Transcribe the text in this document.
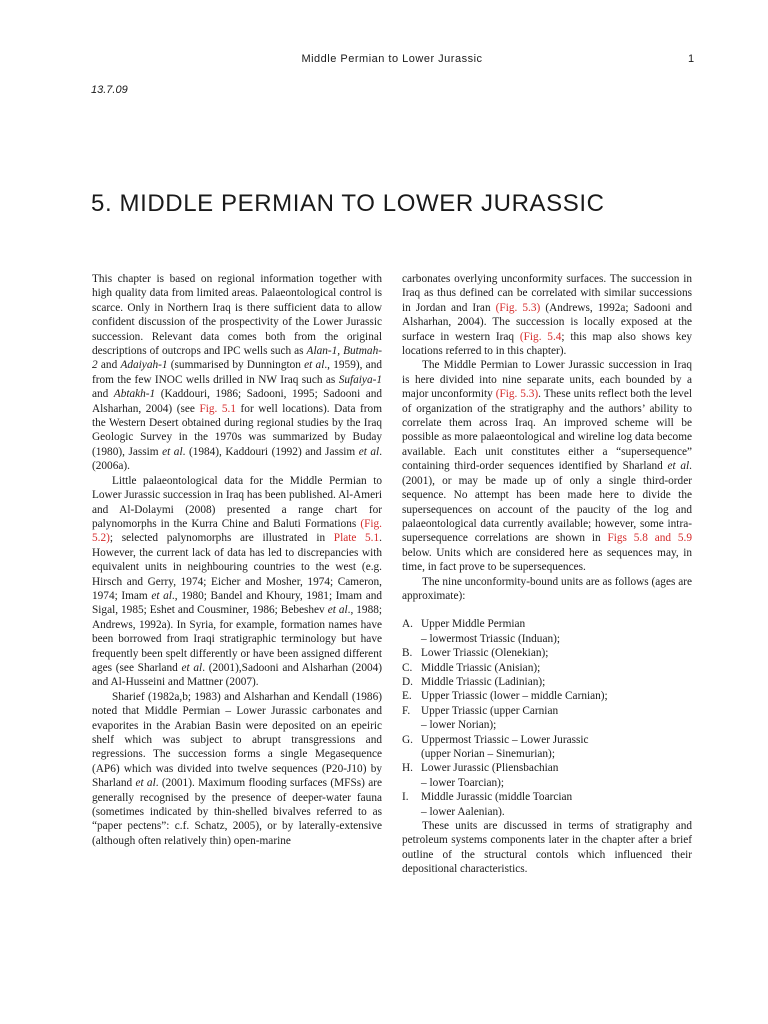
Middle Permian to Lower Jurassic	1
13.7.09
5. MIDDLE PERMIAN TO LOWER JURASSIC

This chapter is based on regional information together with high quality data from limited areas. Palaeontological control is scarce. Only in Northern Iraq is there sufficient data to allow confident discussion of the prospectivity of the Lower Jurassic succession. Relevant data comes both from the original descriptions of outcrops and IPC wells such as Alan-1, Butmah-2 and Adaiyah-1 (summarised by Dunnington et al., 1959), and from the few INOC wells drilled in NW Iraq such as Sufaiya-1 and Abtakh-1 (Kaddouri, 1986; Sadooni, 1995; Sadooni and Alsharhan, 2004) (see Fig. 5.1 for well locations). Data from the Western Desert obtained during regional studies by the Iraq Geologic Survey in the 1970s was summarized by Buday (1980), Jassim et al. (1984), Kaddouri (1992) and Jassim et al. (2006a).

Little palaeontological data for the Middle Permian to Lower Jurassic succession in Iraq has been published. Al-Ameri and Al-Dolaymi (2008) presented a range chart for palynomorphs in the Kurra Chine and Baluti Formations (Fig. 5.2); selected palynomorphs are illustrated in Plate 5.1. However, the current lack of data has led to discrepancies with equivalent units in neighbouring countries to the west (e.g. Hirsch and Gerry, 1974; Eicher and Mosher, 1974; Cameron, 1974; Imam et al., 1980; Bandel and Khoury, 1981; Imam and Sigal, 1985; Eshet and Cousminer, 1986; Bebeshev et al., 1988; Andrews, 1992a). In Syria, for example, formation names have been borrowed from Iraqi stratigraphic terminology but have frequently been spelt differently or have been assigned different ages (see Sharland et al. (2001),Sadooni and Alsharhan (2004) and Al-Husseini and Mattner (2007).

Sharief (1982a,b; 1983) and Alsharhan and Kendall (1986) noted that Middle Permian – Lower Jurassic carbonates and evaporites in the Arabian Basin were deposited on an epeiric shelf which was subject to abrupt transgressions and regressions. The succession forms a single Megasequence (AP6) which was divided into twelve sequences (P20-J10) by Sharland et al. (2001). Maximum flooding surfaces (MFSs) are generally recognised by the presence of deeper-water fauna (sometimes indicated by thin-shelled bivalves referred to as “paper pectens”: c.f. Schatz, 2005), or by laterally-extensive (although often relatively thin) open-marine

carbonates overlying unconformity surfaces. The succession in Iraq as thus defined can be correlated with similar successions in Jordan and Iran (Fig. 5.3) (Andrews, 1992a; Sadooni and Alsharhan, 2004). The succession is locally exposed at the surface in western Iraq (Fig. 5.4; this map also shows key locations referred to in this chapter).

The Middle Permian to Lower Jurassic succession in Iraq is here divided into nine separate units, each bounded by a major unconformity (Fig. 5.3). These units reflect both the level of organization of the stratigraphy and the authors’ ability to correlate them across Iraq. An improved scheme will be possible as more palaeontological and wireline log data become available. Each unit constitutes either a “supersequence” containing third-order sequences identified by Sharland et al. (2001), or may be made up of only a single third-order sequence. No attempt has been made here to divide the supersequences on account of the paucity of the log and palaeontological data currently available; however, some intra-supersequence correlations are shown in Figs 5.8 and 5.9 below. Units which are considered here as sequences may, in time, in fact prove to be supersequences.

The nine unconformity-bound units are as follows (ages are approximate):

A. Upper Middle Permian
– lowermost Triassic (Induan);
B. Lower Triassic (Olenekian);
C. Middle Triassic (Anisian);
D. Middle Triassic (Ladinian);
E. Upper Triassic (lower – middle Carnian);
F. Upper Triassic (upper Carnian
– lower Norian);
G. Uppermost Triassic – Lower Jurassic
(upper Norian – Sinemurian);
H. Lower Jurassic (Pliensbachian
– lower Toarcian);
I.	Middle Jurassic (middle Toarcian
– lower Aalenian).

These units are discussed in terms of stratigraphy and petroleum systems components later in the chapter after a brief outline of the structural contols which influenced their depositional characteristics.
